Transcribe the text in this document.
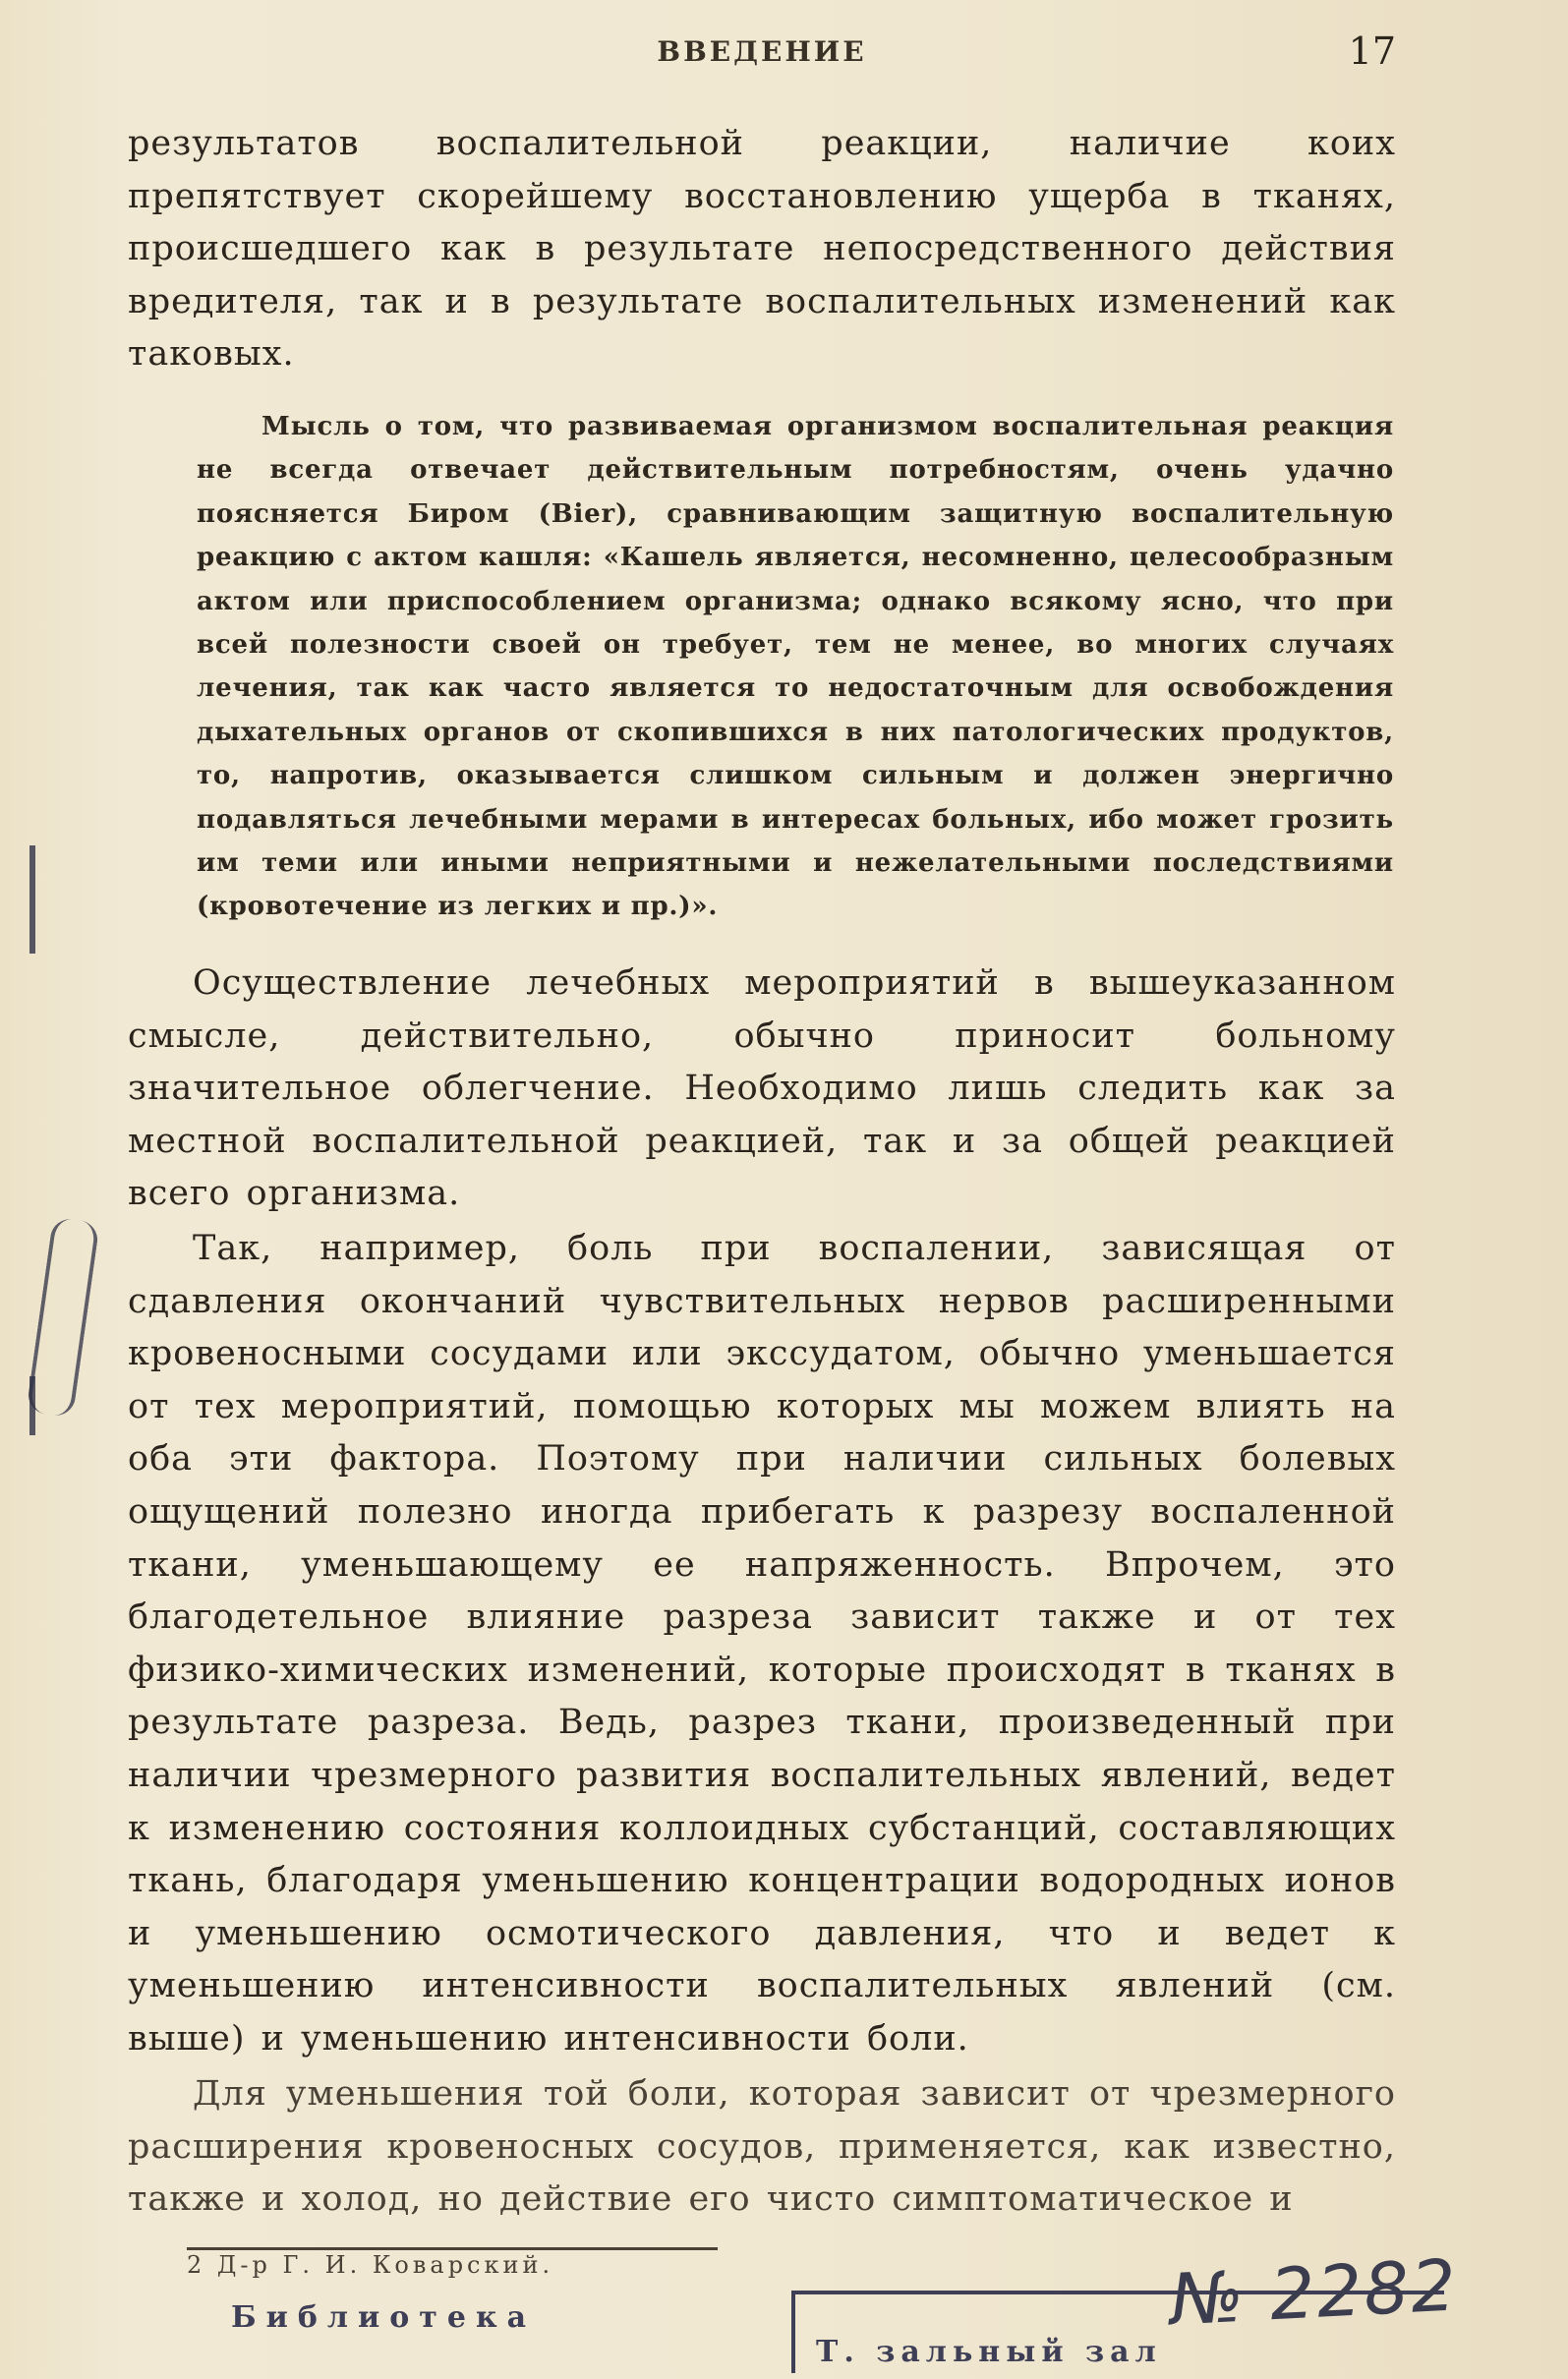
ВВЕДЕНИЕ	17

результатов воспалительной реакции, наличие коих препятствует скорейшему восстановлению ущерба в тканях, происшедшего как в результате непосредственного действия вредителя, так и в результате воспалительных изменений как таковых.

Мысль о том, что развиваемая организмом воспалительная реакция не всегда отвечает действительным потребностям, очень удачно поясняется Биром (Bier), сравнивающим защитную воспалительную реакцию с актом кашля: «Кашель является, несомненно, целесообразным актом или приспособлением организма; однако всякому ясно, что при всей полезности своей он требует, тем не менее, во многих случаях лечения, так как часто является то недостаточным для освобождения дыхательных органов от скопившихся в них патологических продуктов, то, напротив, оказывается слишком сильным и должен энергично подавляться лечебными мерами в интересах больных, ибо может грозить им теми или иными неприятными и нежелательными последствиями (кровотечение из легких и пр.)».

Осуществление лечебных мероприятий в вышеуказанном смысле, действительно, обычно приносит больному значительное облегчение. Необходимо лишь следить как за местной воспалительной реакцией, так и за общей реакцией всего организма.

Так, например, боль при воспалении, зависящая от сдавления окончаний чувствительных нервов расширенными кровеносными сосудами или экссудатом, обычно уменьшается от тех мероприятий, помощью которых мы можем влиять на оба эти фактора. Поэтому при наличии сильных болевых ощущений полезно иногда прибегать к разрезу воспаленной ткани, уменьшающему ее напряженность. Впрочем, это благодетельное влияние разреза зависит также и от тех физико-химических изменений, которые происходят в тканях в результате разреза. Ведь, разрез ткани, произведенный при наличии чрезмерного развития воспалительных явлений, ведет к изменению состояния коллоидных субстанций, составляющих ткань, благодаря уменьшению концентрации водородных ионов и уменьшению осмотического давления, что и ведет к уменьшению интенсивности воспалительных явлений (см. выше) и уменьшению интенсивности боли.

Для уменьшения той боли, которая зависит от чрезмерного расширения кровеносных сосудов, применяется, как известно, также и холод, но действие его чисто симптоматическое и

2 Д-р Г. И. Коварский.
Библиотека
Т. зальный зал
№ 2282
